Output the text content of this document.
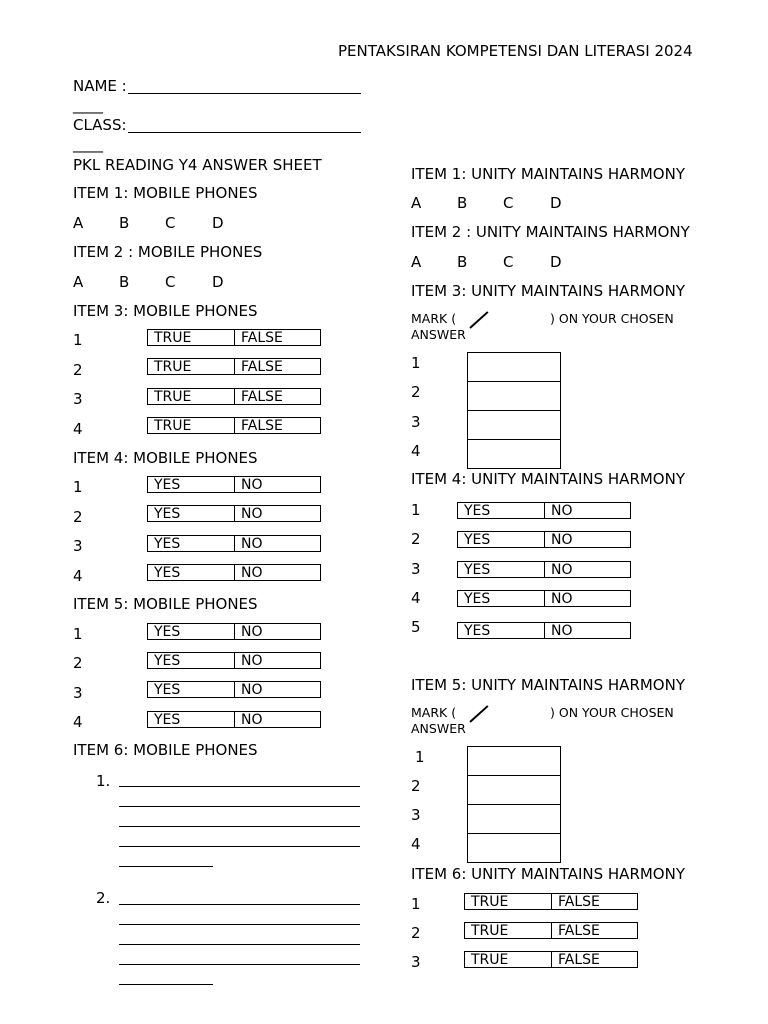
PENTAKSIRAN KOMPETENSI DAN LITERASI 2024
NAME :
____
CLASS:
____
PKL READING Y4 ANSWER SHEET
ITEM 1: MOBILE PHONES
A B C D
ITEM 2 : MOBILE PHONES
A B C D
ITEM 3: MOBILE PHONES
1	TRUE	FALSE
2	TRUE	FALSE
3	TRUE	FALSE
4	TRUE	FALSE
ITEM 4: MOBILE PHONES
1	YES	NO
2	YES	NO
3	YES	NO
4	YES	NO
ITEM 5: MOBILE PHONES
1	YES	NO
2	YES	NO
3	YES	NO
4	YES	NO
ITEM 6: MOBILE PHONES
1.
2.
ITEM 1: UNITY MAINTAINS HARMONY
A B C D
ITEM 2 : UNITY MAINTAINS HARMONY
A B C D
ITEM 3: UNITY MAINTAINS HARMONY
MARK (	) ON YOUR CHOSEN
ANSWER
1
2
3
4
ITEM 4: UNITY MAINTAINS HARMONY
1	YES	NO
2	YES	NO
3	YES	NO
4	YES	NO
5	YES	NO
ITEM 5: UNITY MAINTAINS HARMONY
MARK (	) ON YOUR CHOSEN
ANSWER
1
2
3
4
ITEM 6: UNITY MAINTAINS HARMONY
1	TRUE	FALSE
2	TRUE	FALSE
3	TRUE	FALSE
